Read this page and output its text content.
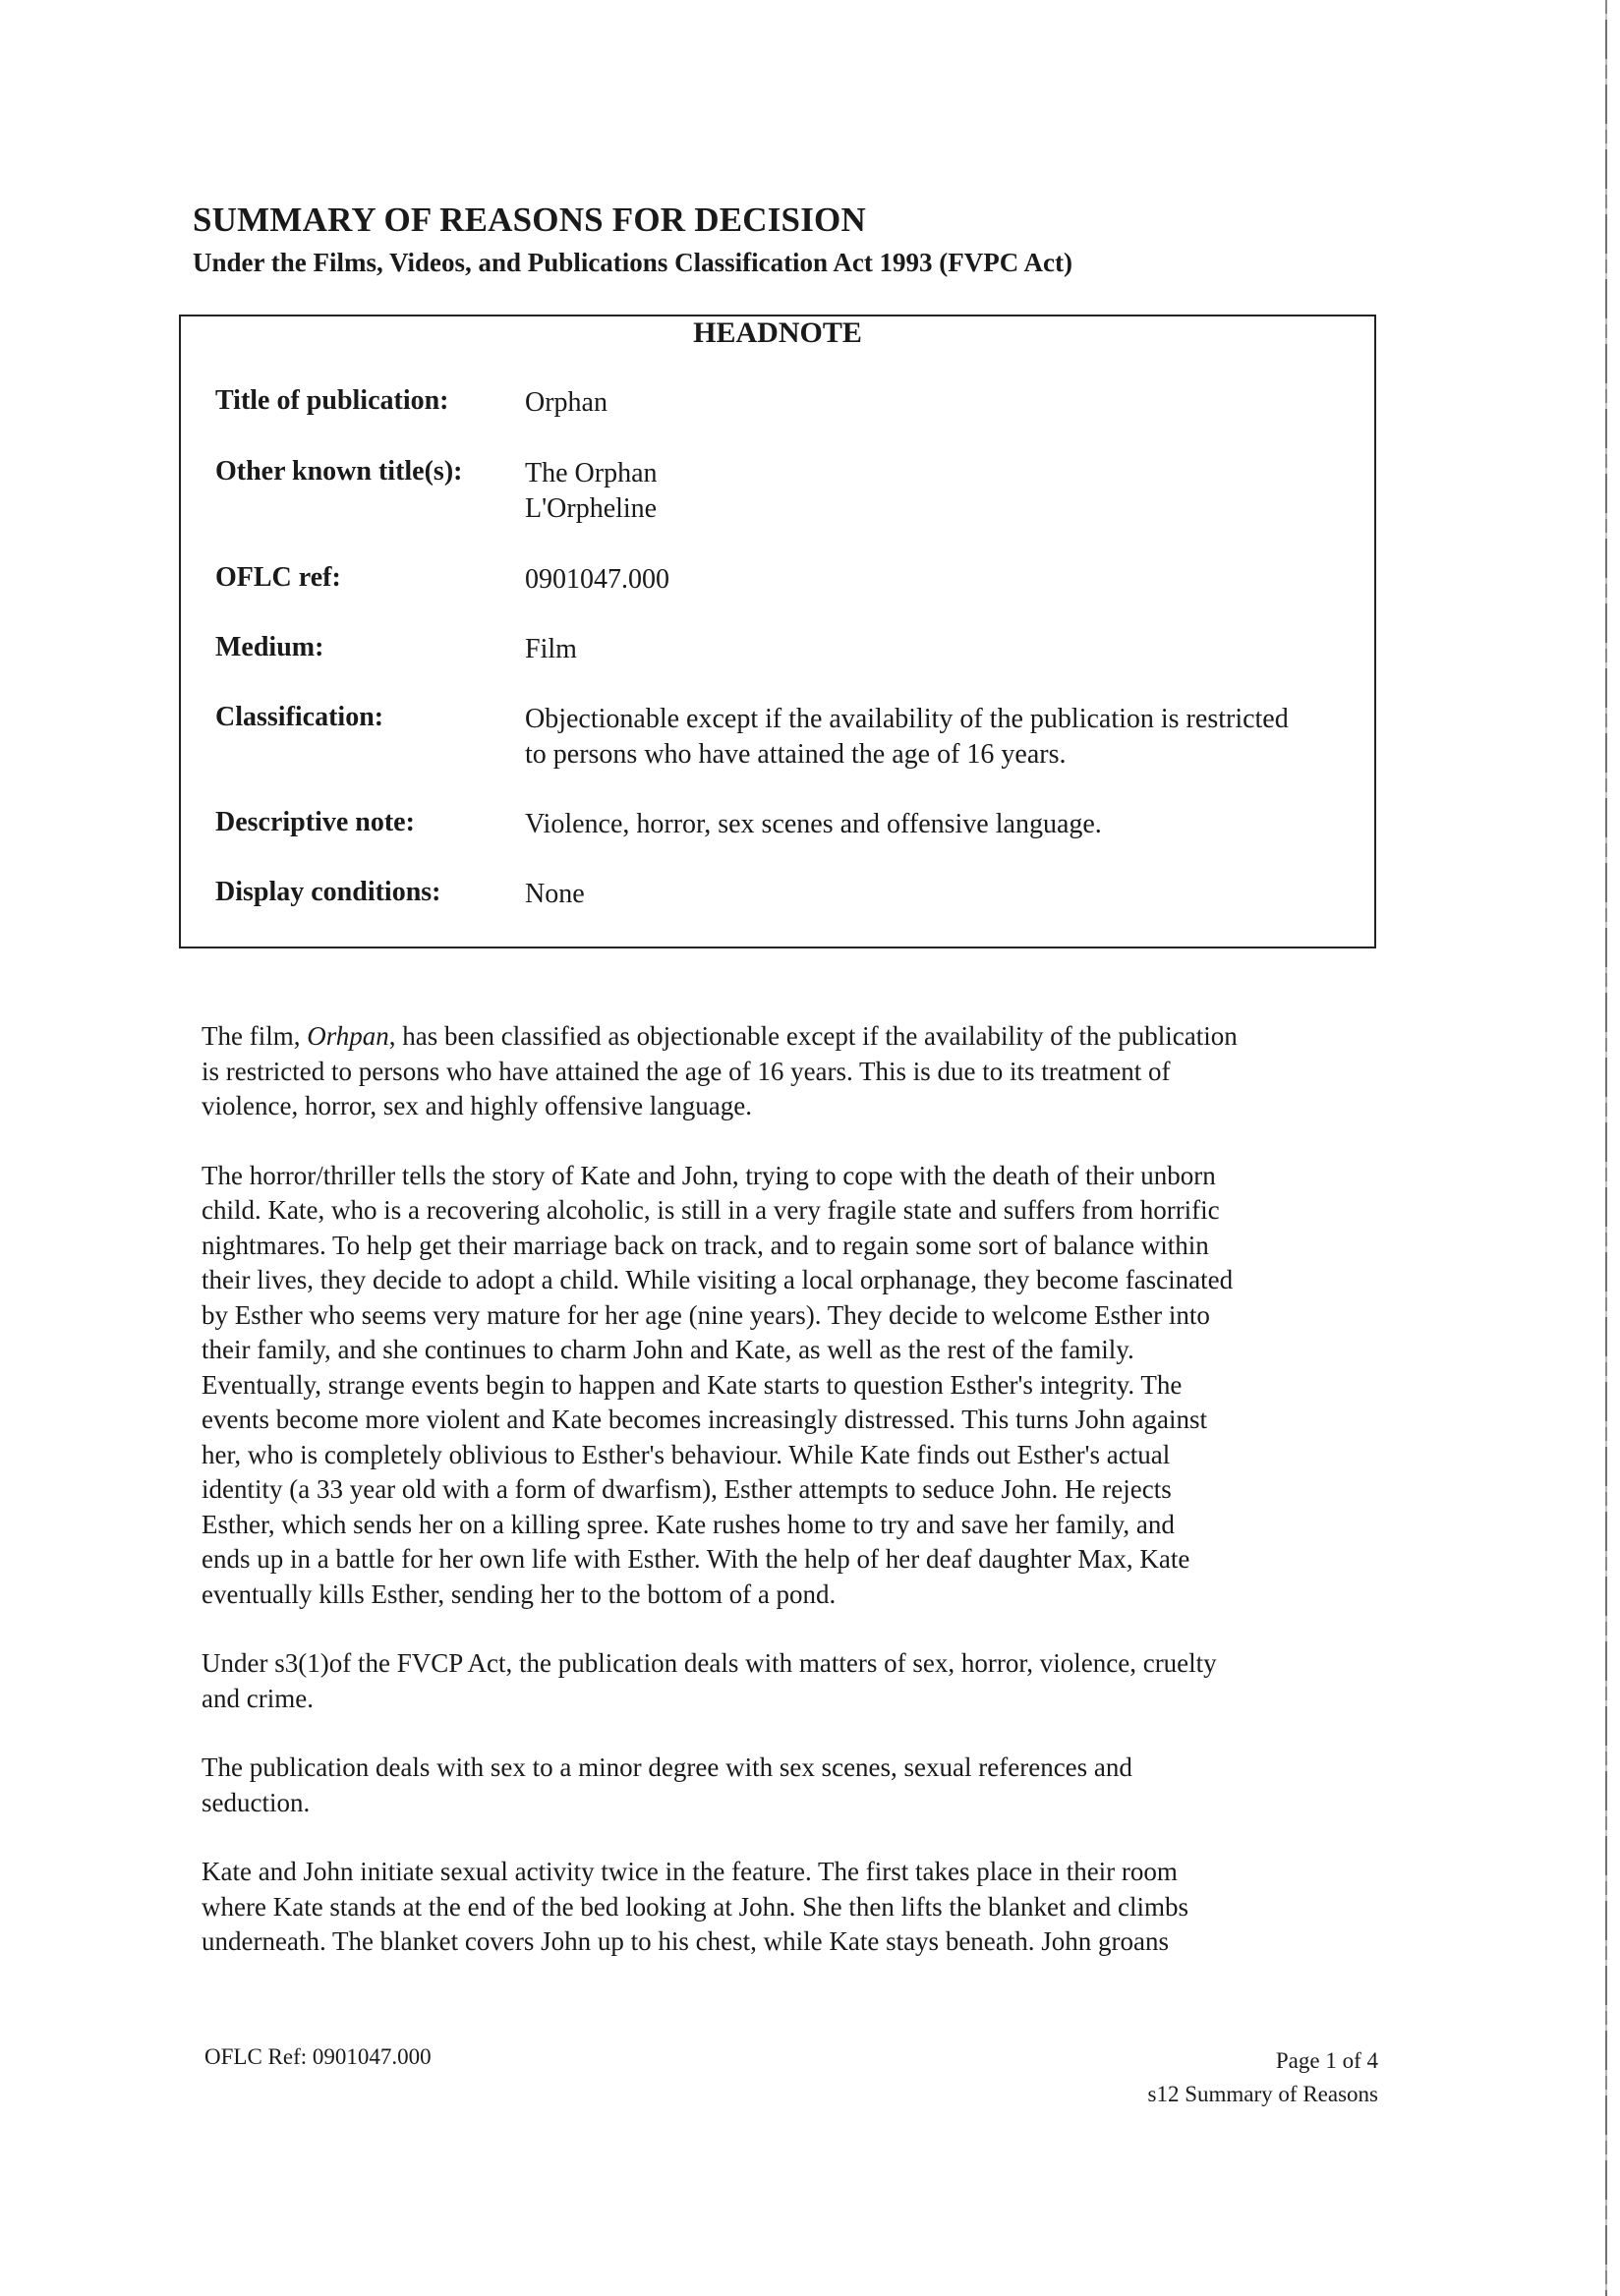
SUMMARY OF REASONS FOR DECISION
Under the Films, Videos, and Publications Classification Act 1993 (FVPC Act)
HEADNOTE
Title of publication:	Orphan
Other known title(s): The Orphan
L'Orpheline
OFLC ref:	0901047.000
Medium:	Film
Classification:	Objectionable except if the availability of the publication is restricted
to persons who have attained the age of 16 years.
Descriptive note:	Violence, horror, sex scenes and offensive language.
Display conditions:	None

The film, Orhpan, has been classified as objectionable except if the availability of the publication
is restricted to persons who have attained the age of 16 years. This is due to its treatment of
violence, horror, sex and highly offensive language.

The horror/thriller tells the story of Kate and John, trying to cope with the death of their unborn
child. Kate, who is a recovering alcoholic, is still in a very fragile state and suffers from horrific
nightmares. To help get their marriage back on track, and to regain some sort of balance within
their lives, they decide to adopt a child. While visiting a local orphanage, they become fascinated
by Esther who seems very mature for her age (nine years). They decide to welcome Esther into
their family, and she continues to charm John and Kate, as well as the rest of the family.
Eventually, strange events begin to happen and Kate starts to question Esther's integrity. The
events become more violent and Kate becomes increasingly distressed. This turns John against
her, who is completely oblivious to Esther's behaviour. While Kate finds out Esther's actual
identity (a 33 year old with a form of dwarfism), Esther attempts to seduce John. He rejects
Esther, which sends her on a killing spree. Kate rushes home to try and save her family, and
ends up in a battle for her own life with Esther. With the help of her deaf daughter Max, Kate
eventually kills Esther, sending her to the bottom of a pond.

Under s3(1)of the FVCP Act, the publication deals with matters of sex, horror, violence, cruelty
and crime.

The publication deals with sex to a minor degree with sex scenes, sexual references and
seduction.

Kate and John initiate sexual activity twice in the feature. The first takes place in their room
where Kate stands at the end of the bed looking at John. She then lifts the blanket and climbs
underneath. The blanket covers John up to his chest, while Kate stays beneath. John groans

OFLC Ref: 0901047.000	Page 1 of 4
s12 Summary of Reasons
